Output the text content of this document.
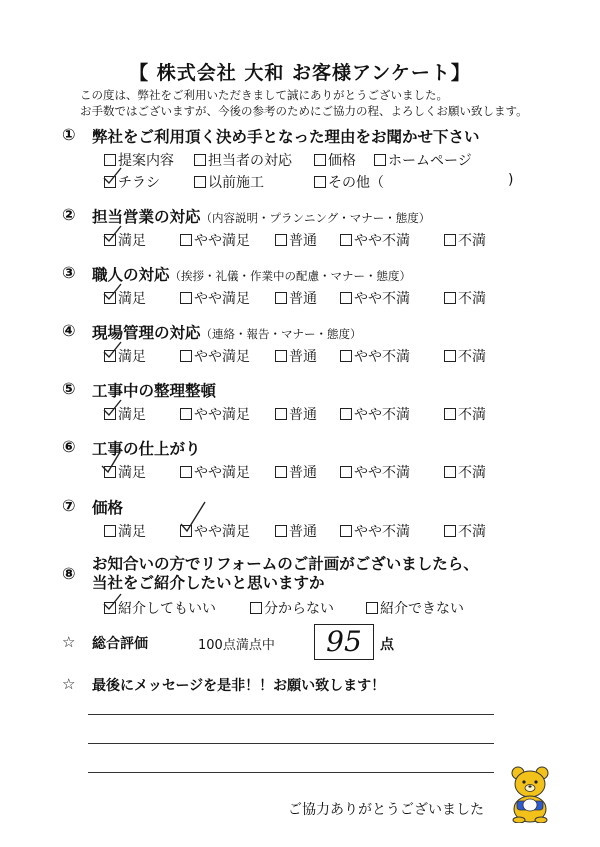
【 株式会社 大和 お客様アンケート】
この度は、弊社をご利用いただきまして誠にありがとうございました。
お手数ではございますが、今後の参考のためにご協力の程、よろしくお願い致します。
① 弊社をご利用頂く決め手となった理由をお聞かせ下さい
提案内容	担当者の対応	価格	ホームページ
チラシ	以前施工	その他（	)
② 担当営業の対応（内容説明・プランニング・マナー・態度）
満足	やや満足	普通	やや不満	不満
③ 職人の対応（挨拶・礼儀・作業中の配慮・マナー・態度）
満足	やや満足	普通	やや不満	不満
④ 現場管理の対応（連絡・報告・マナー・態度）
満足	やや満足	普通	やや不満	不満
⑤ 工事中の整理整頓
満足	やや満足	普通	やや不満	不満
⑥ 工事の仕上がり
満足	やや満足	普通	やや不満	不満
⑦ 価格
満足	やや満足	普通	やや不満	不満
⑧ お知合いの方でリフォームのご計画がございましたら、
当社をご紹介したいと思いますか
紹介してもいい	分からない	紹介できない
☆ 総合評価	100点満点中	95	点
☆ 最後にメッセージを是非！！お願い致します！
ご協力ありがとうございました
